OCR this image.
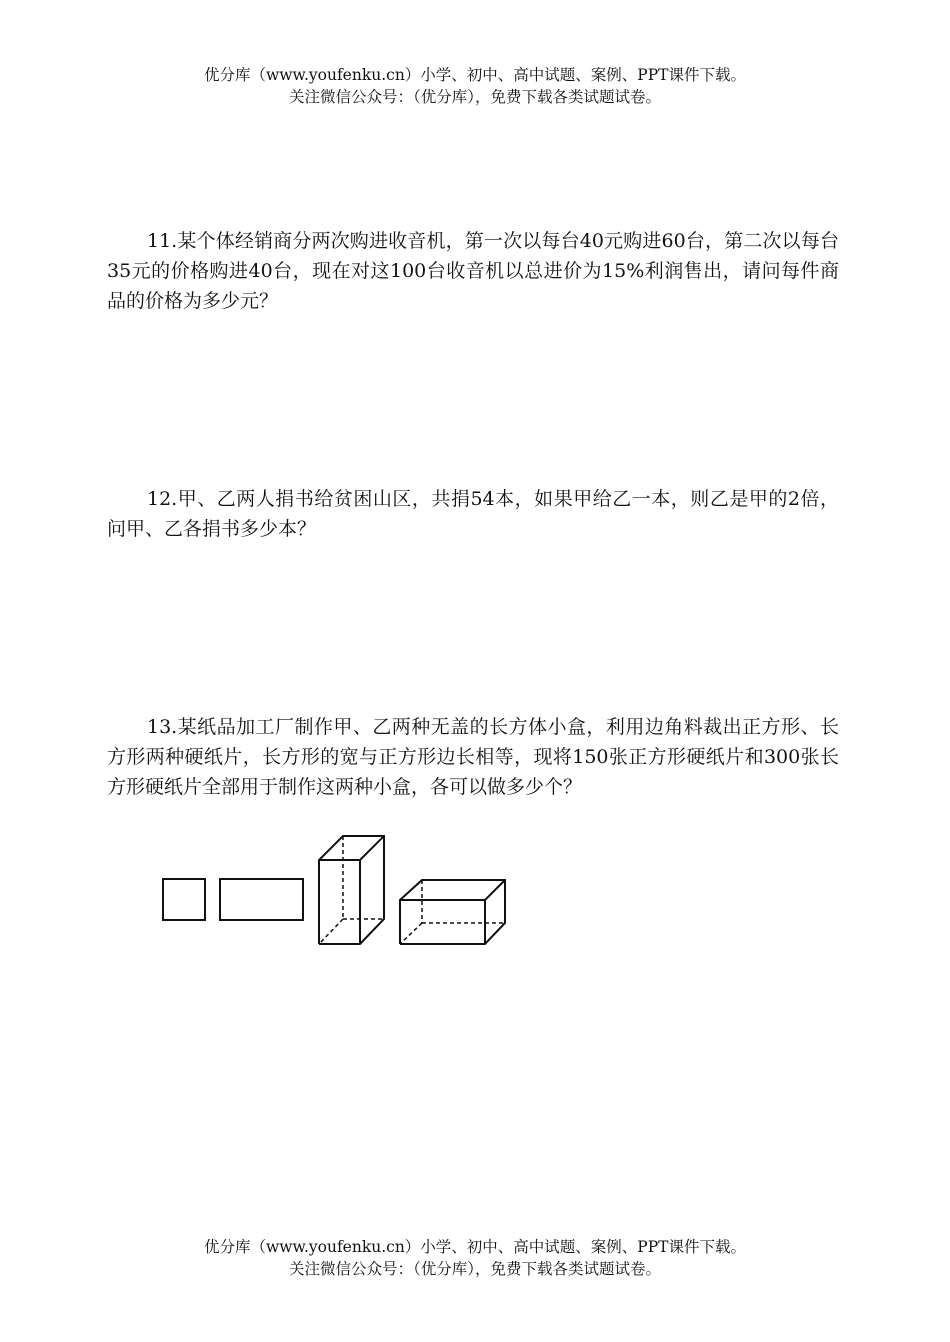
优分库（www.youfenku.cn）小学、初中、高中试题、案例、PPT课件下载。
关注微信公众号：（优分库），免费下载各类试题试卷。

11.某个体经销商分两次购进收音机，第一次以每台40元购进60台，第二次以每台35元的价格购进40台，现在对这100台收音机以总进价为15%利润售出，请问每件商品的价格为多少元？

12.甲、乙两人捐书给贫困山区，共捐54本，如果甲给乙一本，则乙是甲的2倍，问甲、乙各捐书多少本？

13.某纸品加工厂制作甲、乙两种无盖的长方体小盒，利用边角料裁出正方形、长方形两种硬纸片，长方形的宽与正方形边长相等，现将150张正方形硬纸片和300张长方形硬纸片全部用于制作这两种小盒，各可以做多少个？

优分库（www.youfenku.cn）小学、初中、高中试题、案例、PPT课件下载。
关注微信公众号：（优分库），免费下载各类试题试卷。
